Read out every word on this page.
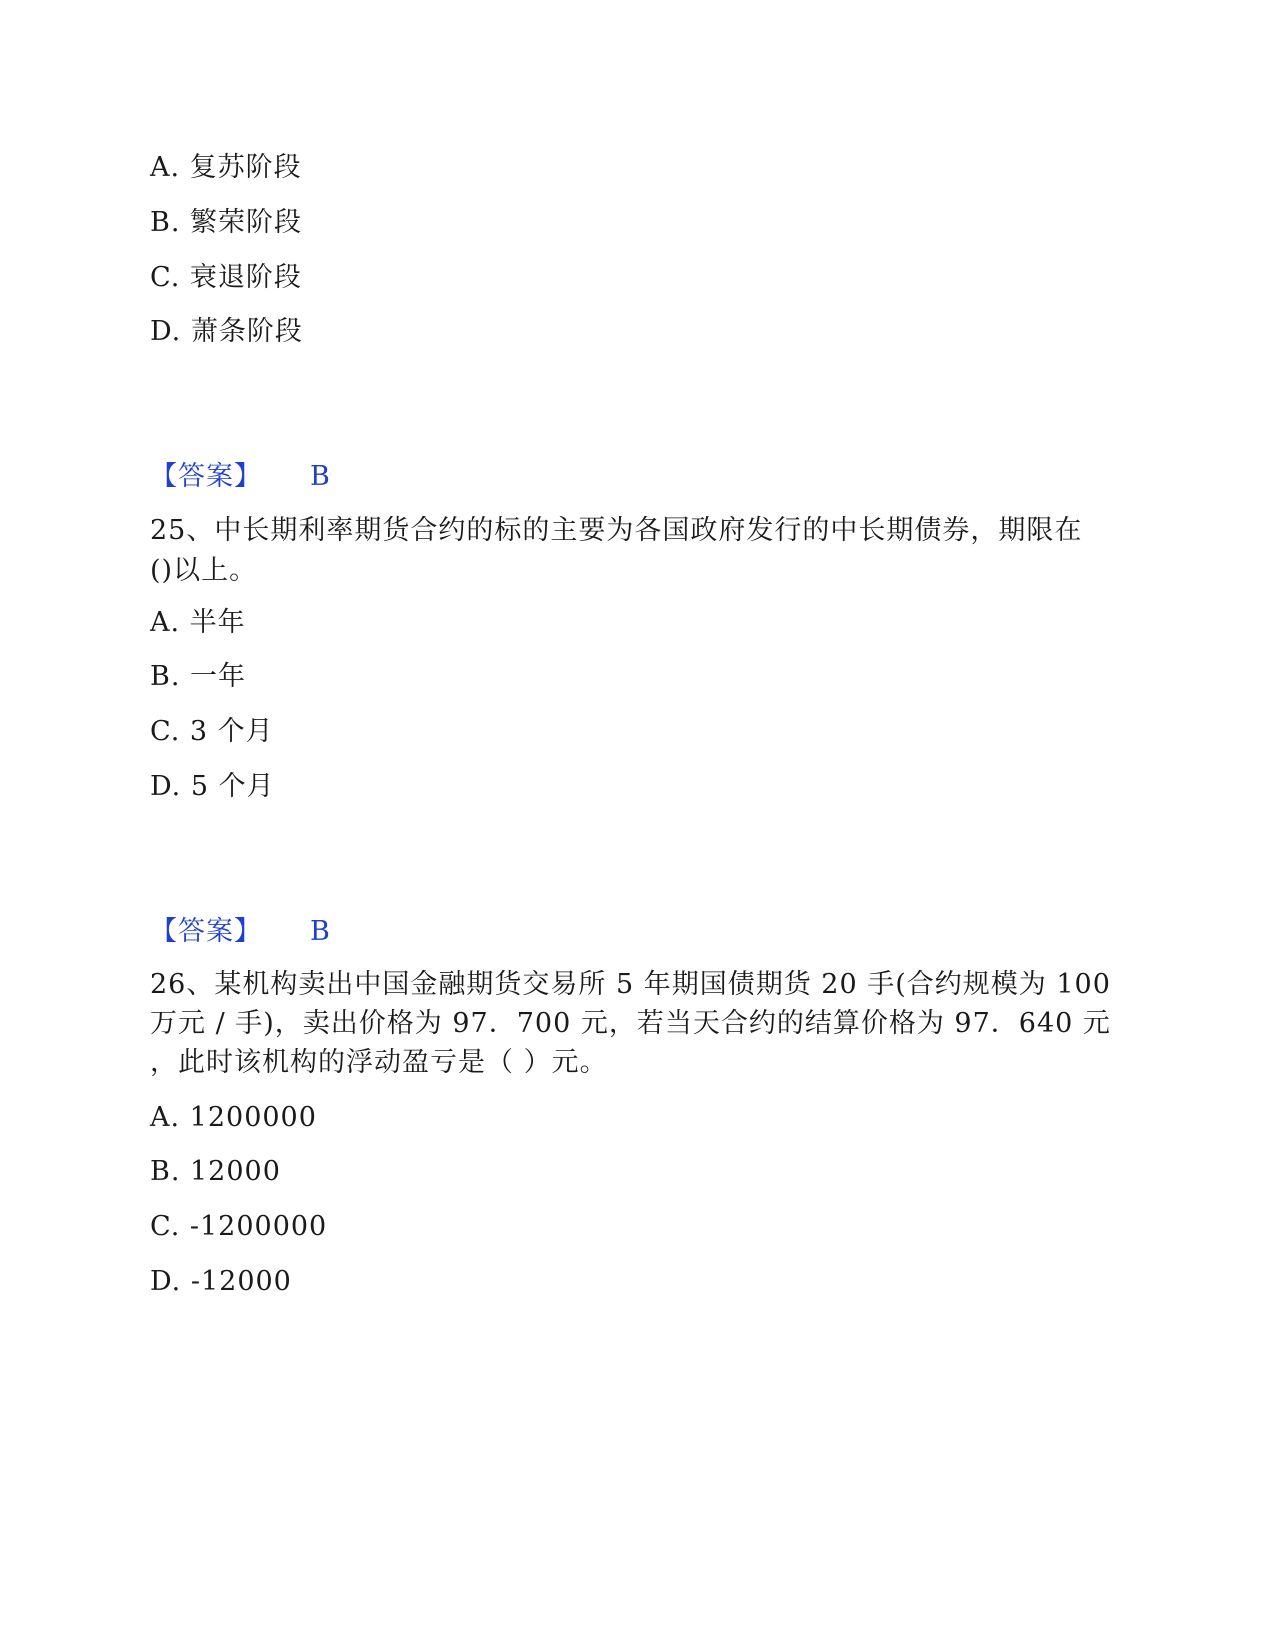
A. 复苏阶段
B. 繁荣阶段
C. 衰退阶段
D. 萧条阶段
【答案】 B
25、中长期利率期货合约的标的主要为各国政府发行的中长期债券，期限在
()以上。
A. 半年
B. 一年
C. 3 个月
D. 5 个月
【答案】 B
26、某机构卖出中国金融期货交易所 5 年期国债期货 20 手(合约规模为 100
万元 / 手)，卖出价格为 97．700 元，若当天合约的结算价格为 97．640 元
，此时该机构的浮动盈亏是（ ）元。
A. 1200000
B. 12000
C. -1200000
D. -12000
